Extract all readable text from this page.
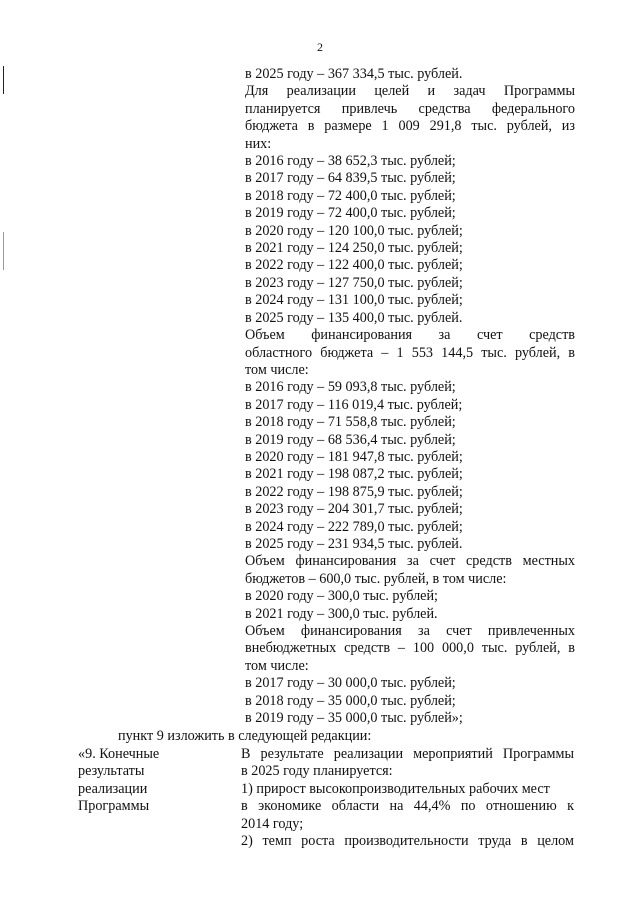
2
в 2025 году – 367 334,5 тыс. рублей.
Для реализации целей и задач Программы
планируется привлечь средства федерального
бюджета в размере 1 009 291,8 тыс. рублей, из
них:
в 2016 году – 38 652,3 тыс. рублей;
в 2017 году – 64 839,5 тыс. рублей;
в 2018 году – 72 400,0 тыс. рублей;
в 2019 году – 72 400,0 тыс. рублей;
в 2020 году – 120 100,0 тыс. рублей;
в 2021 году – 124 250,0 тыс. рублей;
в 2022 году – 122 400,0 тыс. рублей;
в 2023 году – 127 750,0 тыс. рублей;
в 2024 году – 131 100,0 тыс. рублей;
в 2025 году – 135 400,0 тыс. рублей.
Объем финансирования за счет средств
областного бюджета – 1 553 144,5 тыс. рублей, в
том числе:
в 2016 году – 59 093,8 тыс. рублей;
в 2017 году – 116 019,4 тыс. рублей;
в 2018 году – 71 558,8 тыс. рублей;
в 2019 году – 68 536,4 тыс. рублей;
в 2020 году – 181 947,8 тыс. рублей;
в 2021 году – 198 087,2 тыс. рублей;
в 2022 году – 198 875,9 тыс. рублей;
в 2023 году – 204 301,7 тыс. рублей;
в 2024 году – 222 789,0 тыс. рублей;
в 2025 году – 231 934,5 тыс. рублей.
Объем финансирования за счет средств местных
бюджетов – 600,0 тыс. рублей, в том числе:
в 2020 году – 300,0 тыс. рублей;
в 2021 году – 300,0 тыс. рублей.
Объем финансирования за счет привлеченных
внебюджетных средств – 100 000,0 тыс. рублей, в
том числе:
в 2017 году – 30 000,0 тыс. рублей;
в 2018 году – 35 000,0 тыс. рублей;
в 2019 году – 35 000,0 тыс. рублей»;
пункт 9 изложить в следующей редакции:
«9. Конечные
результаты
реализации
Программы
В результате реализации мероприятий Программы
в 2025 году планируется:
1) прирост высокопроизводительных рабочих мест
в экономике области на 44,4% по отношению к
2014 году;
2) темп роста производительности труда в целом
